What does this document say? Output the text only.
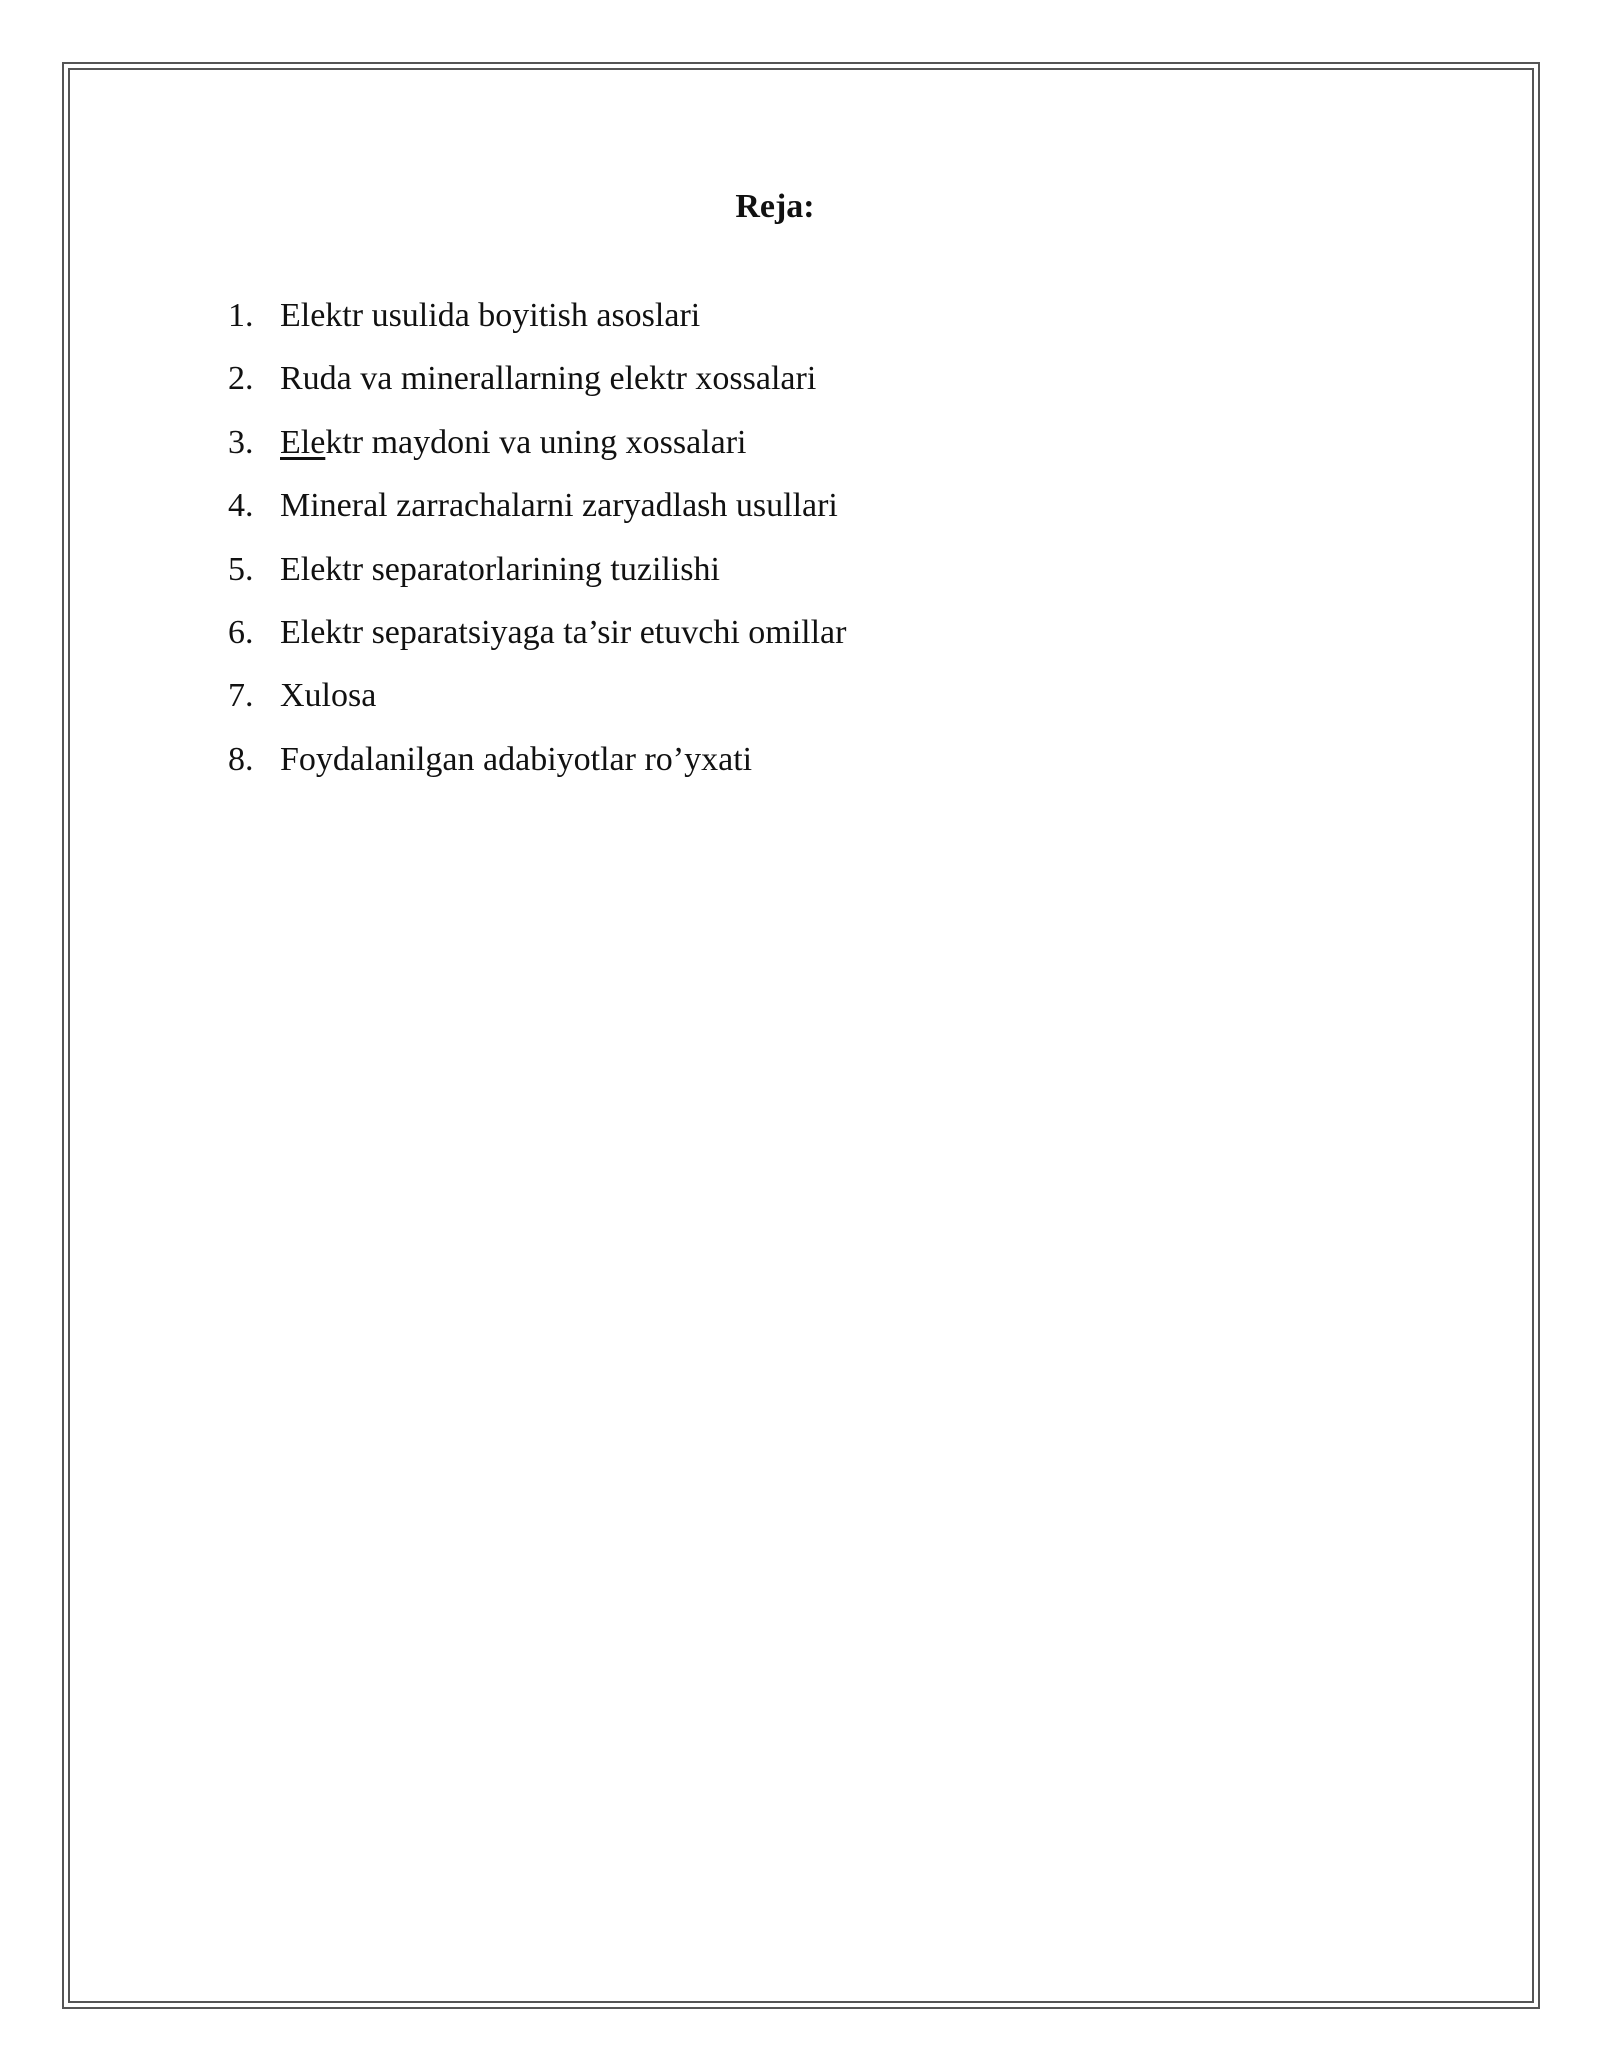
Reja:
1. Elektr usulida boyitish asoslari
2. Ruda va minerallarning elektr xossalari
3. Elektr maydoni va uning xossalari
4. Mineral zarrachalarni zaryadlash usullari
5. Elektr separatorlarining tuzilishi
6. Elektr separatsiyaga ta’sir etuvchi omillar
7. Xulosa
8. Foydalanilgan adabiyotlar ro’yxati
